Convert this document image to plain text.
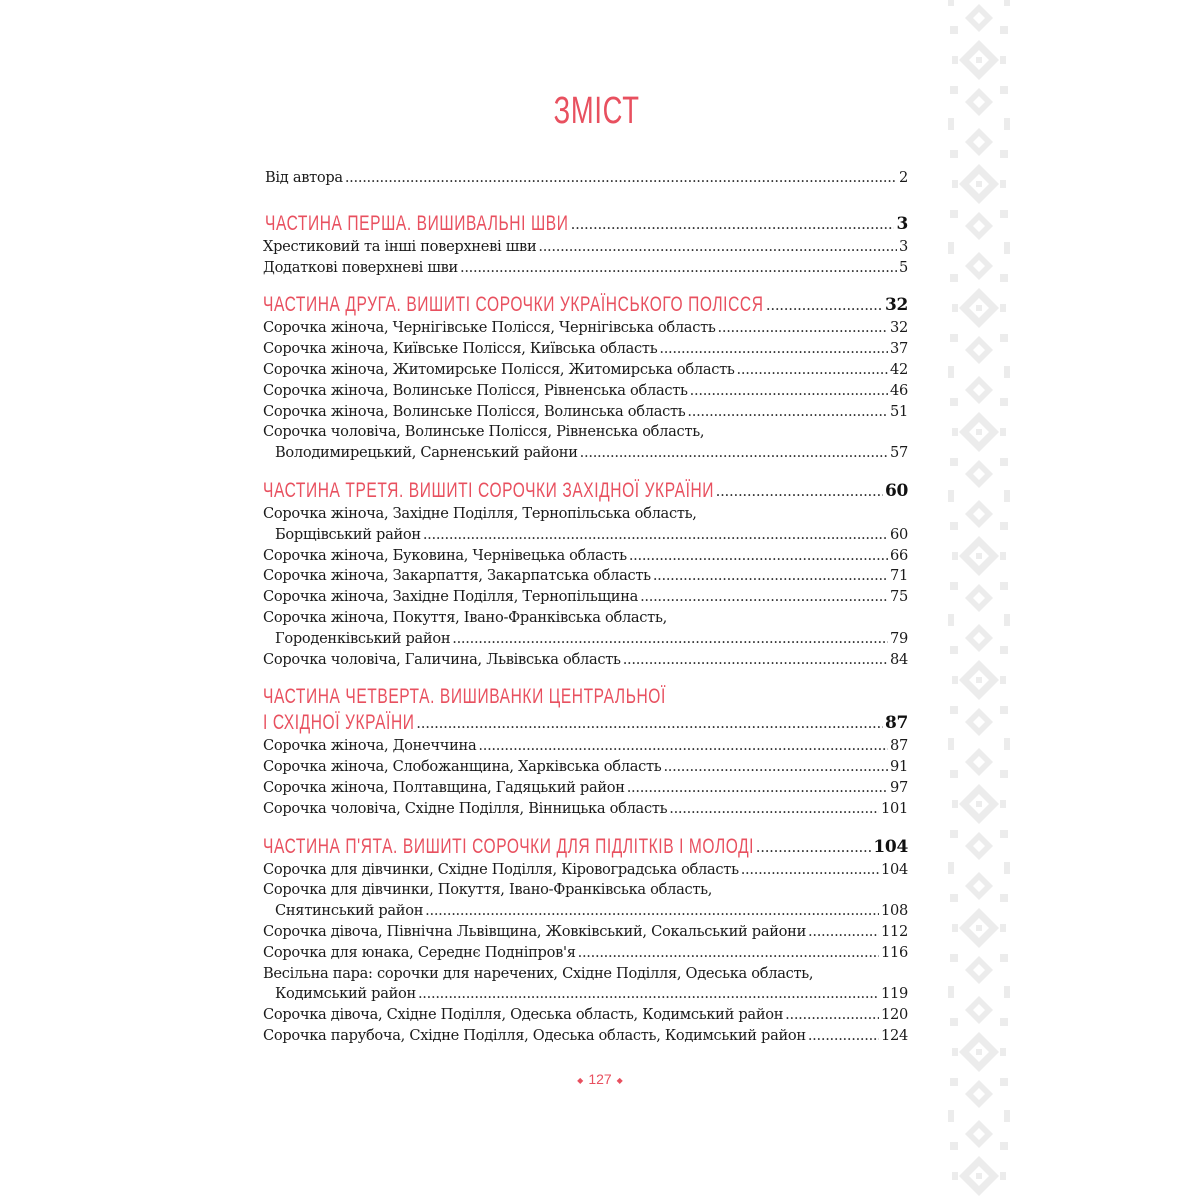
ЗМІСТ
Від автора .....	2
ЧАСТИНА ПЕРША. ВИШИВАЛЬНІ ШВИ .....	3
Хрестиковий та інші поверхневі шви .....	3
Додаткові поверхневі шви .....	5
ЧАСТИНА ДРУГА. ВИШИТІ СОРОЧКИ УКРАЇНСЬКОГО ПОЛІССЯ .....	32
Сорочка жіноча, Чернігівське Полісся, Чернігівська область .....	32
Сорочка жіноча, Київське Полісся, Київська область .....	37
Сорочка жіноча, Житомирське Полісся, Житомирська область .....	42
Сорочка жіноча, Волинське Полісся, Рівненська область .....	46
Сорочка жіноча, Волинське Полісся, Волинська область .....	51
Сорочка чоловіча, Волинське Полісся, Рівненська область,
Володимирецький, Сарненський райони .....	57
ЧАСТИНА ТРЕТЯ. ВИШИТІ СОРОЧКИ ЗАХІДНОЇ УКРАЇНИ .....	60
Сорочка жіноча, Західне Поділля, Тернопільська область,
Борщівський район .....	60
Сорочка жіноча, Буковина, Чернівецька область .....	66
Сорочка жіноча, Закарпаття, Закарпатська область .....	71
Сорочка жіноча, Західне Поділля, Тернопільщина .....	75
Сорочка жіноча, Покуття, Івано-Франківська область,
Городенківський район .....	79
Сорочка чоловіча, Галичина, Львівська область .....	84
ЧАСТИНА ЧЕТВЕРТА. ВИШИВАНКИ ЦЕНТРАЛЬНОЇ
І СХІДНОЇ УКРАЇНИ .....	87
Сорочка жіноча, Донеччина .....	87
Сорочка жіноча, Слобожанщина, Харківська область .....	91
Сорочка жіноча, Полтавщина, Гадяцький район .....	97
Сорочка чоловіча, Східне Поділля, Вінницька область .....	101
ЧАСТИНА П'ЯТА. ВИШИТІ СОРОЧКИ ДЛЯ ПІДЛІТКІВ І МОЛОДІ .....	104
Сорочка для дівчинки, Східне Поділля, Кіровоградська область .....	104
Сорочка для дівчинки, Покуття, Івано-Франківська область,
Снятинський район .....	108
Сорочка дівоча, Північна Львівщина, Жовківський, Сокальський райони .....	112
Сорочка для юнака, Середнє Подніпров'я .....	116
Весільна пара: сорочки для наречених, Східне Поділля, Одеська область,
Кодимський район .....	119
Сорочка дівоча, Східне Поділля, Одеська область, Кодимський район .....	120
Сорочка парубоча, Східне Поділля, Одеська область, Кодимський район .....	124
◆ 127 ◆
